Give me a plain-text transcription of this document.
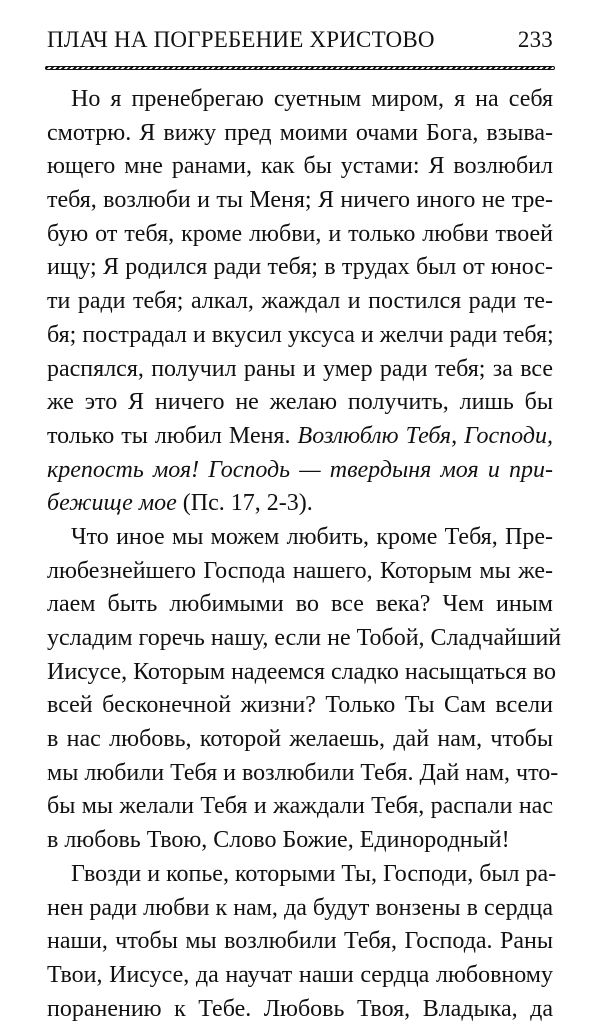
ПЛАЧ НА ПОГРЕБЕНИЕ ХРИСТОВО	233
Но я пренебрегаю суетным миром, я на себя
смотрю. Я вижу пред моими очами Бога, взыва-
ющего мне ранами, как бы устами: Я возлюбил
тебя, возлюби и ты Меня; Я ничего иного не тре-
бую от тебя, кроме любви, и только любви твоей
ищу; Я родился ради тебя; в трудах был от юнос-
ти ради тебя; алкал, жаждал и постился ради те-
бя; пострадал и вкусил уксуса и желчи ради тебя;
распялся, получил раны и умер ради тебя; за все
же это Я ничего не желаю получить, лишь бы
только ты любил Меня. Возлюблю Тебя, Господи,
крепость моя! Господь — твердыня моя и при-
бежище мое (Пс. 17, 2-3).
Что иное мы можем любить, кроме Тебя, Пре-
любезнейшего Господа нашего, Которым мы же-
лаем быть любимыми во все века? Чем иным
усладим горечь нашу, если не Тобой, Сладчайший
Иисусе, Которым надеемся сладко насыщаться во
всей бесконечной жизни? Только Ты Сам всели
в нас любовь, которой желаешь, дай нам, чтобы
мы любили Тебя и возлюбили Тебя. Дай нам, что-
бы мы желали Тебя и жаждали Тебя, распали нас
в любовь Твою, Слово Божие, Единородный!
Гвозди и копье, которыми Ты, Господи, был ра-
нен ради любви к нам, да будут вонзены в сердца
наши, чтобы мы возлюбили Тебя, Господа. Раны
Твои, Иисусе, да научат наши сердца любовному
поранению к Тебе. Любовь Твоя, Владыка, да
